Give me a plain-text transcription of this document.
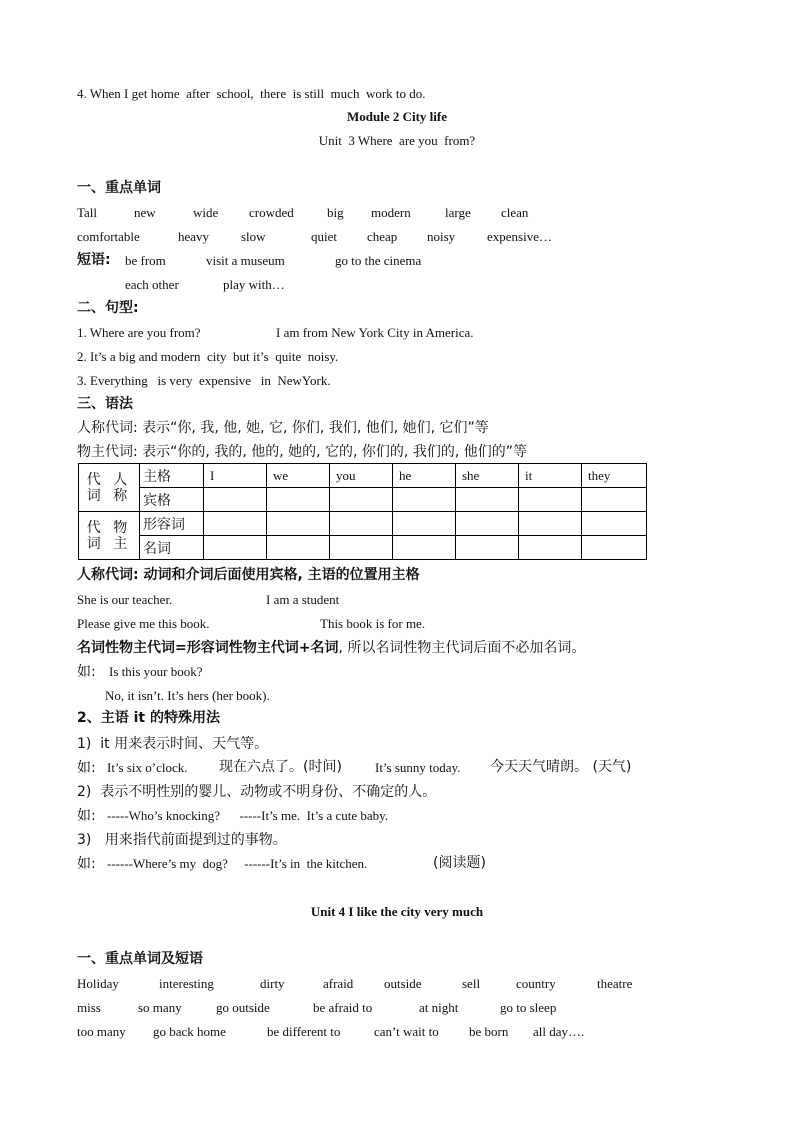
4. When I get home  after  school,  there  is still  much  work to do.
Module 2 City life
Unit  3 Where  are you  from?
一、重点单词
Tall	new	wide crowded	big modern	large clean
comfortable	heavy slow	quiet cheap noisy expensive…
短语: be from	visit a museum	go to the cinema
each other	play with…
二、句型:
1. Where are you from?	I am from New York City in America.
2. It’s a big and modern  city  but it’s  quite  noisy.
3. Everything   is very  expensive   in  NewYork.
三、语法
人称代词: 表示“你, 我, 他, 她, 它, 你们, 我们, 他们, 她们, 它们”等
物主代词: 表示“你的, 我的, 他的, 她的, 它的, 你们的, 我们的, 他们的”等
代 人
词 称	主格	I	we	you	he	she	it	they
	宾格							

代 物
词 主	形容词							
	名词							
人称代词: 动词和介词后面使用宾格, 主语的位置用主格
She is our teacher.	I am a student
Please give me this book.	This book is for me.
名词性物主代词=形容词性物主代词+名词, 所以名词性物主代词后面不必加名词。
如: Is this your book?
No, it isn’t. It’s hers (her book).
2、主语 it 的特殊用法
1)  it 用来表示时间、天气等。
如: It’s six o’clock. 现在六点了。(时间)	It’s sunny today. 今天天气晴朗。 (天气)
2)  表示不明性别的婴儿、动物或不明身份、不确定的人。
如: -----Who’s knocking?      -----It’s me.  It’s a cute baby.
3)   用来指代前面提到过的事物。
如: ------Where’s my  dog?     ------It’s in  the kitchen.	(阅读题)
Unit 4 I like the city very much
一、重点单词及短语
Holiday	interesting	dirty	afraid outside	sell	country	theatre
miss	so many	go outside	be afraid to	at night	go to sleep
too many go back home	be different to	can’t wait to be born all day….
